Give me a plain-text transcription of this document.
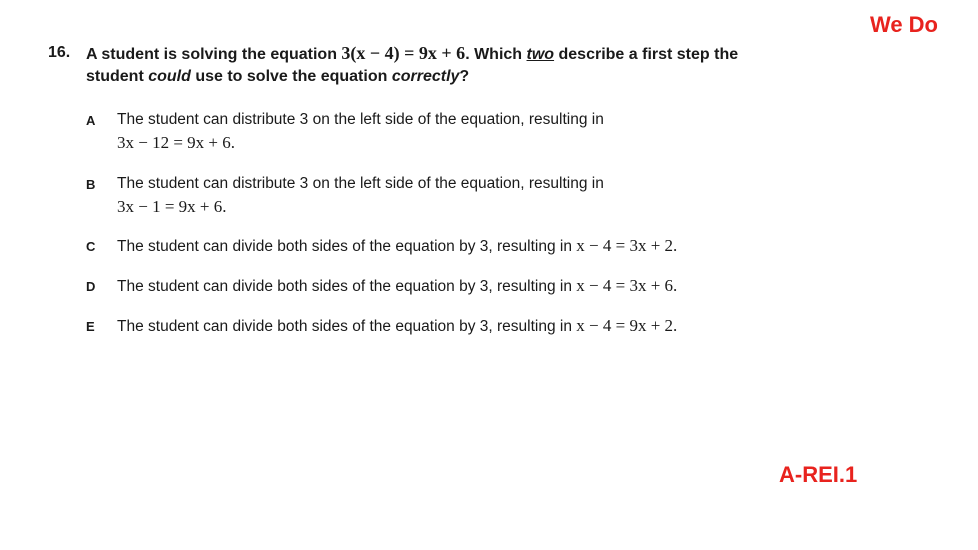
We Do
16. A student is solving the equation 3(x − 4) = 9x + 6. Which two describe a first step the
student could use to solve the equation correctly?
A	The student can distribute 3 on the left side of the equation, resulting in
3x − 12 = 9x + 6.
B	The student can distribute 3 on the left side of the equation, resulting in
3x − 1 = 9x + 6.
C	The student can divide both sides of the equation by 3, resulting in x − 4 = 3x + 2.
D	The student can divide both sides of the equation by 3, resulting in x − 4 = 3x + 6.
E	The student can divide both sides of the equation by 3, resulting in x − 4 = 9x + 2.
A-REI.1
